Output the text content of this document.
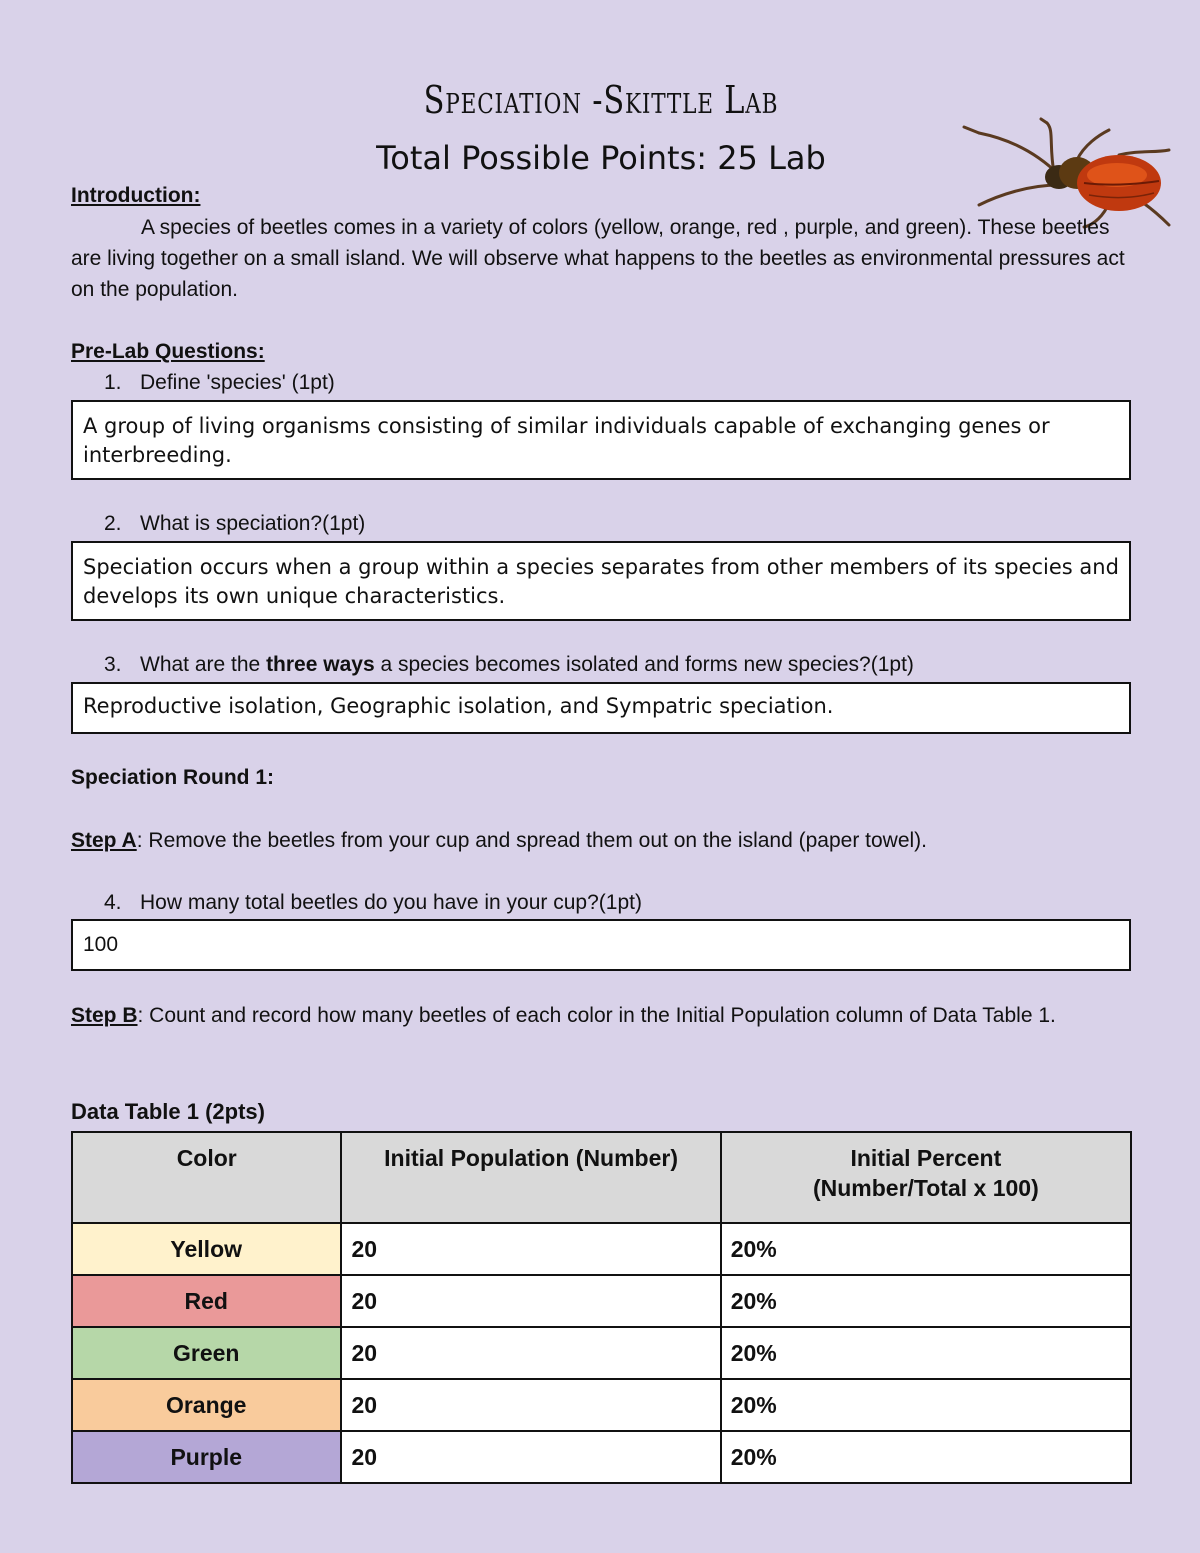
Speciation -Skittle Lab
Total Possible Points: 25 Lab
Introduction:
A species of beetles comes in a variety of colors (yellow, orange, red , purple, and green). These beetles are living together on a small island. We will observe what happens to the beetles as environmental pressures act on the population.
Pre-Lab Questions:
1. Define 'species' (1pt)
A group of living organisms consisting of similar individuals capable of exchanging genes or interbreeding.
2. What is speciation?(1pt)
Speciation occurs when a group within a species separates from other members of its species and develops its own unique characteristics.
3. What are the three ways a species becomes isolated and forms new species?(1pt)
Reproductive isolation, Geographic isolation, and Sympatric speciation.
Speciation Round 1:
Step A: Remove the beetles from your cup and spread them out on the island (paper towel).
4. How many total beetles do you have in your cup?(1pt)
100
Step B: Count and record how many beetles of each color in the Initial Population column of Data Table 1.
Data Table 1 (2pts)
Color	Initial Population (Number)	Initial Percent
(Number/Total x 100)
Yellow	20	20%
Red	20	20%
Green	20	20%
Orange	20	20%
Purple	20	20%
